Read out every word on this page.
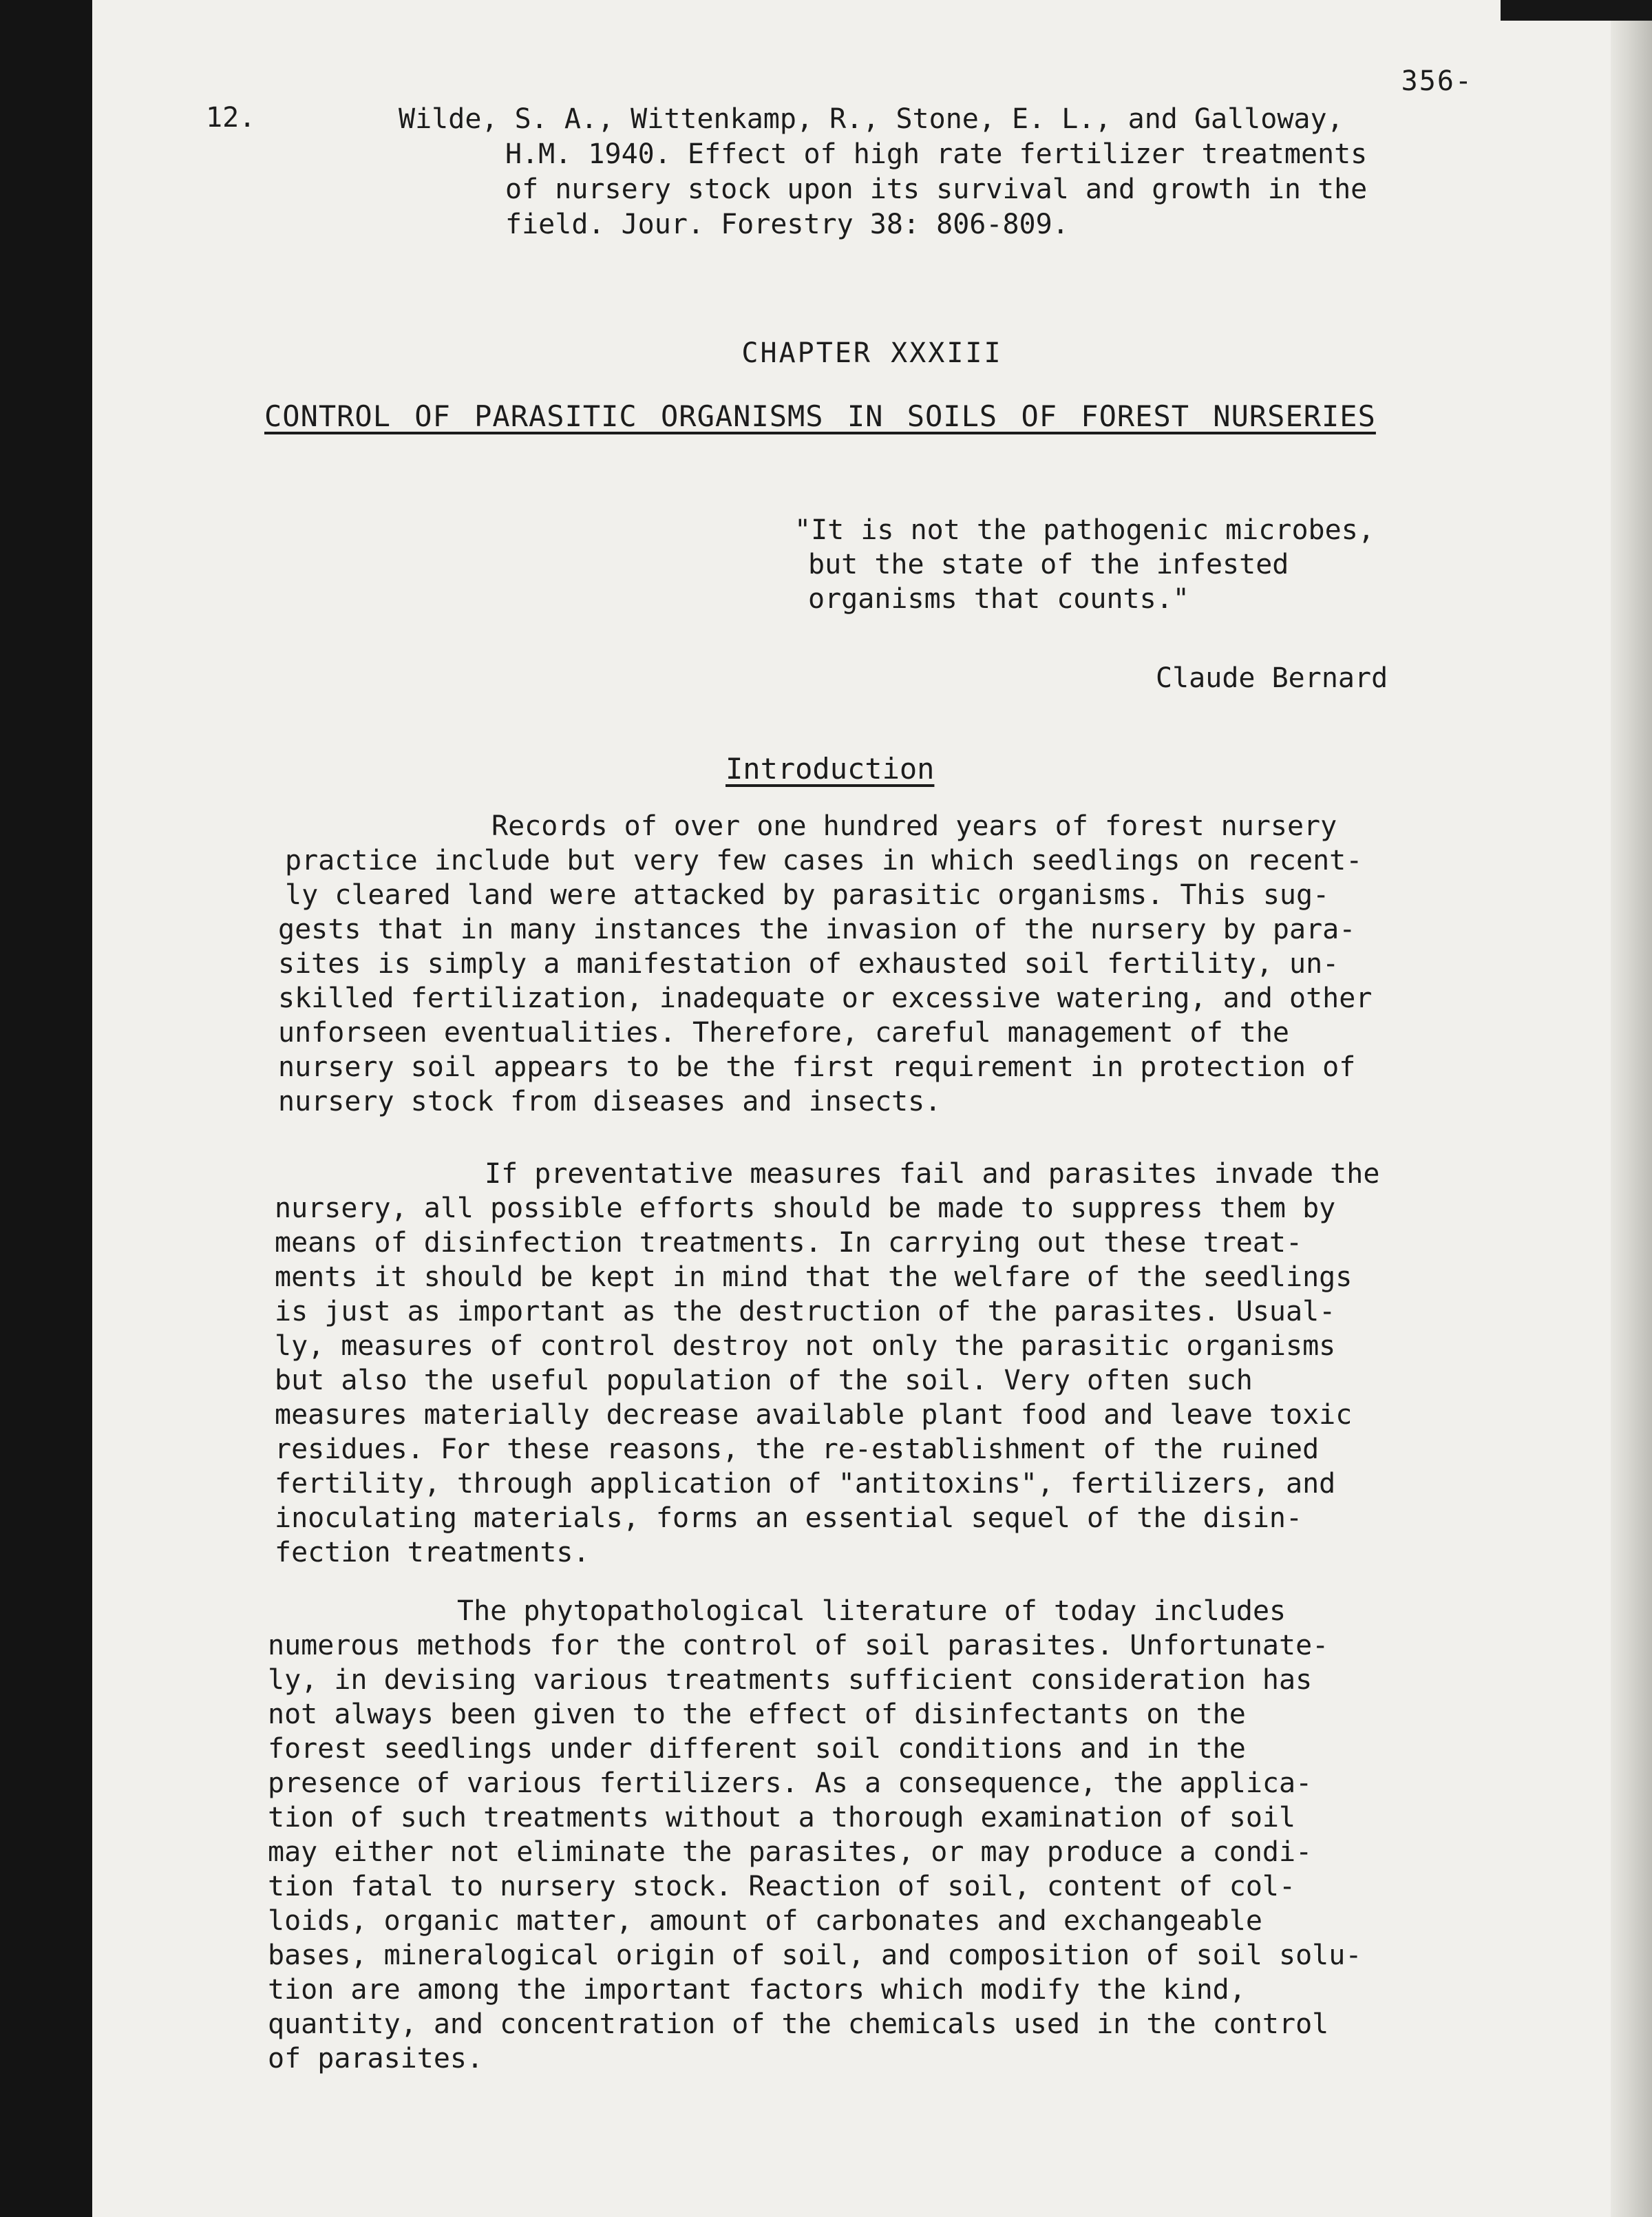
356-
12.	Wilde, S. A., Wittenkamp, R., Stone, E. L., and Galloway,
H.M. 1940. Effect of high rate fertilizer treatments
of nursery stock upon its survival and growth in the
field. Jour. Forestry 38: 806-809.
CHAPTER XXXIII
CONTROL OF PARASITIC ORGANISMS IN SOILS OF FOREST NURSERIES
"It is not the pathogenic microbes,
but the state of the infested
organisms that counts."
Claude Bernard
Introduction
Records of over one hundred years of forest nursery
practice include but very few cases in which seedlings on recent-
ly cleared land were attacked by parasitic organisms. This sug-
gests that in many instances the invasion of the nursery by para-
sites is simply a manifestation of exhausted soil fertility, un-
skilled fertilization, inadequate or excessive watering, and other
unforseen eventualities. Therefore, careful management of the
nursery soil appears to be the first requirement in protection of
nursery stock from diseases and insects.
If preventative measures fail and parasites invade the
nursery, all possible efforts should be made to suppress them by
means of disinfection treatments. In carrying out these treat-
ments it should be kept in mind that the welfare of the seedlings
is just as important as the destruction of the parasites. Usual-
ly, measures of control destroy not only the parasitic organisms
but also the useful population of the soil. Very often such
measures materially decrease available plant food and leave toxic
residues. For these reasons, the re-establishment of the ruined
fertility, through application of "antitoxins", fertilizers, and
inoculating materials, forms an essential sequel of the disin-
fection treatments.
The phytopathological literature of today includes
numerous methods for the control of soil parasites. Unfortunate-
ly, in devising various treatments sufficient consideration has
not always been given to the effect of disinfectants on the
forest seedlings under different soil conditions and in the
presence of various fertilizers. As a consequence, the applica-
tion of such treatments without a thorough examination of soil
may either not eliminate the parasites, or may produce a condi-
tion fatal to nursery stock. Reaction of soil, content of col-
loids, organic matter, amount of carbonates and exchangeable
bases, mineralogical origin of soil, and composition of soil solu-
tion are among the important factors which modify the kind,
quantity, and concentration of the chemicals used in the control
of parasites.
